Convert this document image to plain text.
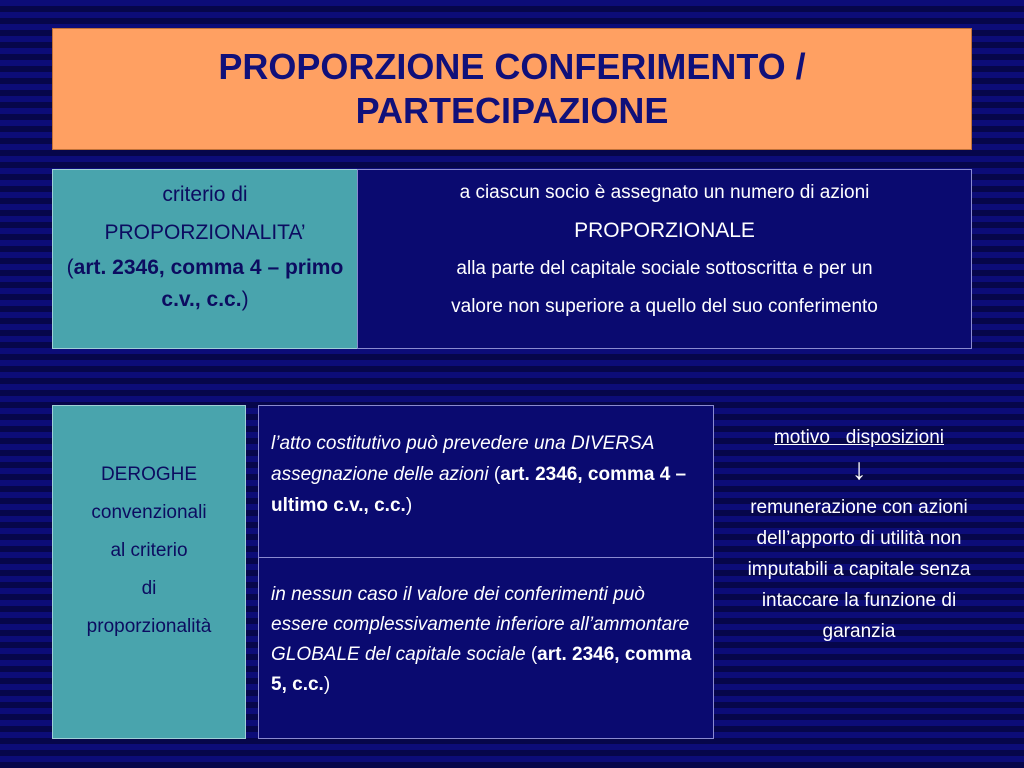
PROPORZIONE CONFERIMENTO /
PARTECIPAZIONE
criterio di
PROPORZIONALITA’
(art. 2346, comma 4 – primo c.v., c.c.)
a ciascun socio è assegnato un numero di azioni
PROPORZIONALE
alla parte del capitale sociale sottoscritta e per un
valore non superiore a quello del suo conferimento
DEROGHE
convenzionali
al criterio
di
proporzionalità
l’atto costitutivo può prevedere una DIVERSA assegnazione delle azioni (art. 2346, comma 4 – ultimo c.v., c.c.)
in nessun caso il valore dei conferimenti può essere complessivamente inferiore all’ammontare GLOBALE del capitale sociale (art. 2346, comma 5, c.c.)
motivo   disposizioni
↓
remunerazione con azioni dell’apporto di utilità non imputabili a capitale senza intaccare la funzione di garanzia
